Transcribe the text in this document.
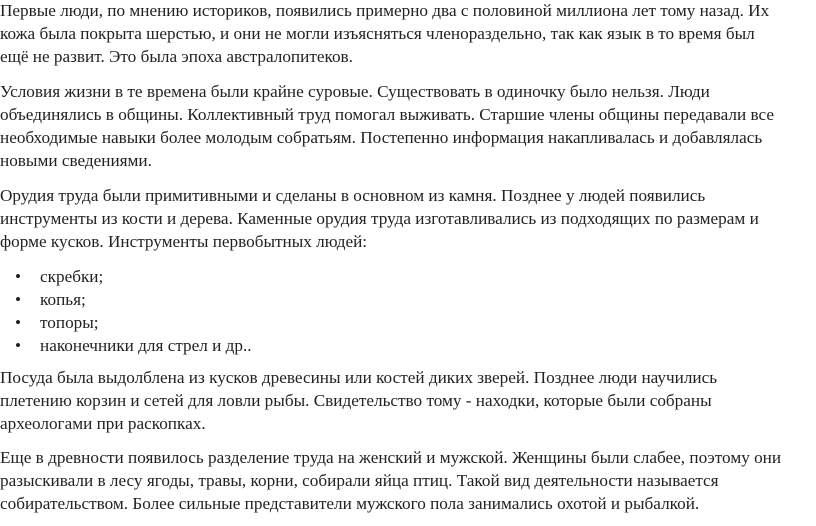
Первые люди, по мнению историков, появились примерно два с половиной миллиона лет тому назад. Их
кожа была покрыта шерстью, и они не могли изъясняться членораздельно, так как язык в то время был
ещё не развит. Это была эпоха австралопитеков.
Условия жизни в те времена были крайне суровые. Существовать в одиночку было нельзя. Люди
объединялись в общины. Коллективный труд помогал выживать. Старшие члены общины передавали все
необходимые навыки более молодым собратьям. Постепенно информация накапливалась и добавлялась
новыми сведениями.
Орудия труда были примитивными и сделаны в основном из камня. Позднее у людей появились
инструменты из кости и дерева. Каменные орудия труда изготавливались из подходящих по размерам и
форме кусков. Инструменты первобытных людей:
• скребки;
• копья;
• топоры;
• наконечники для стрел и др..
Посуда была выдолблена из кусков древесины или костей диких зверей. Позднее люди научились
плетению корзин и сетей для ловли рыбы. Свидетельство тому - находки, которые были собраны
археологами при раскопках.
Еще в древности появилось разделение труда на женский и мужской. Женщины были слабее, поэтому они
разыскивали в лесу ягоды, травы, корни, собирали яйца птиц. Такой вид деятельности называется
собирательством. Более сильные представители мужского пола занимались охотой и рыбалкой.
